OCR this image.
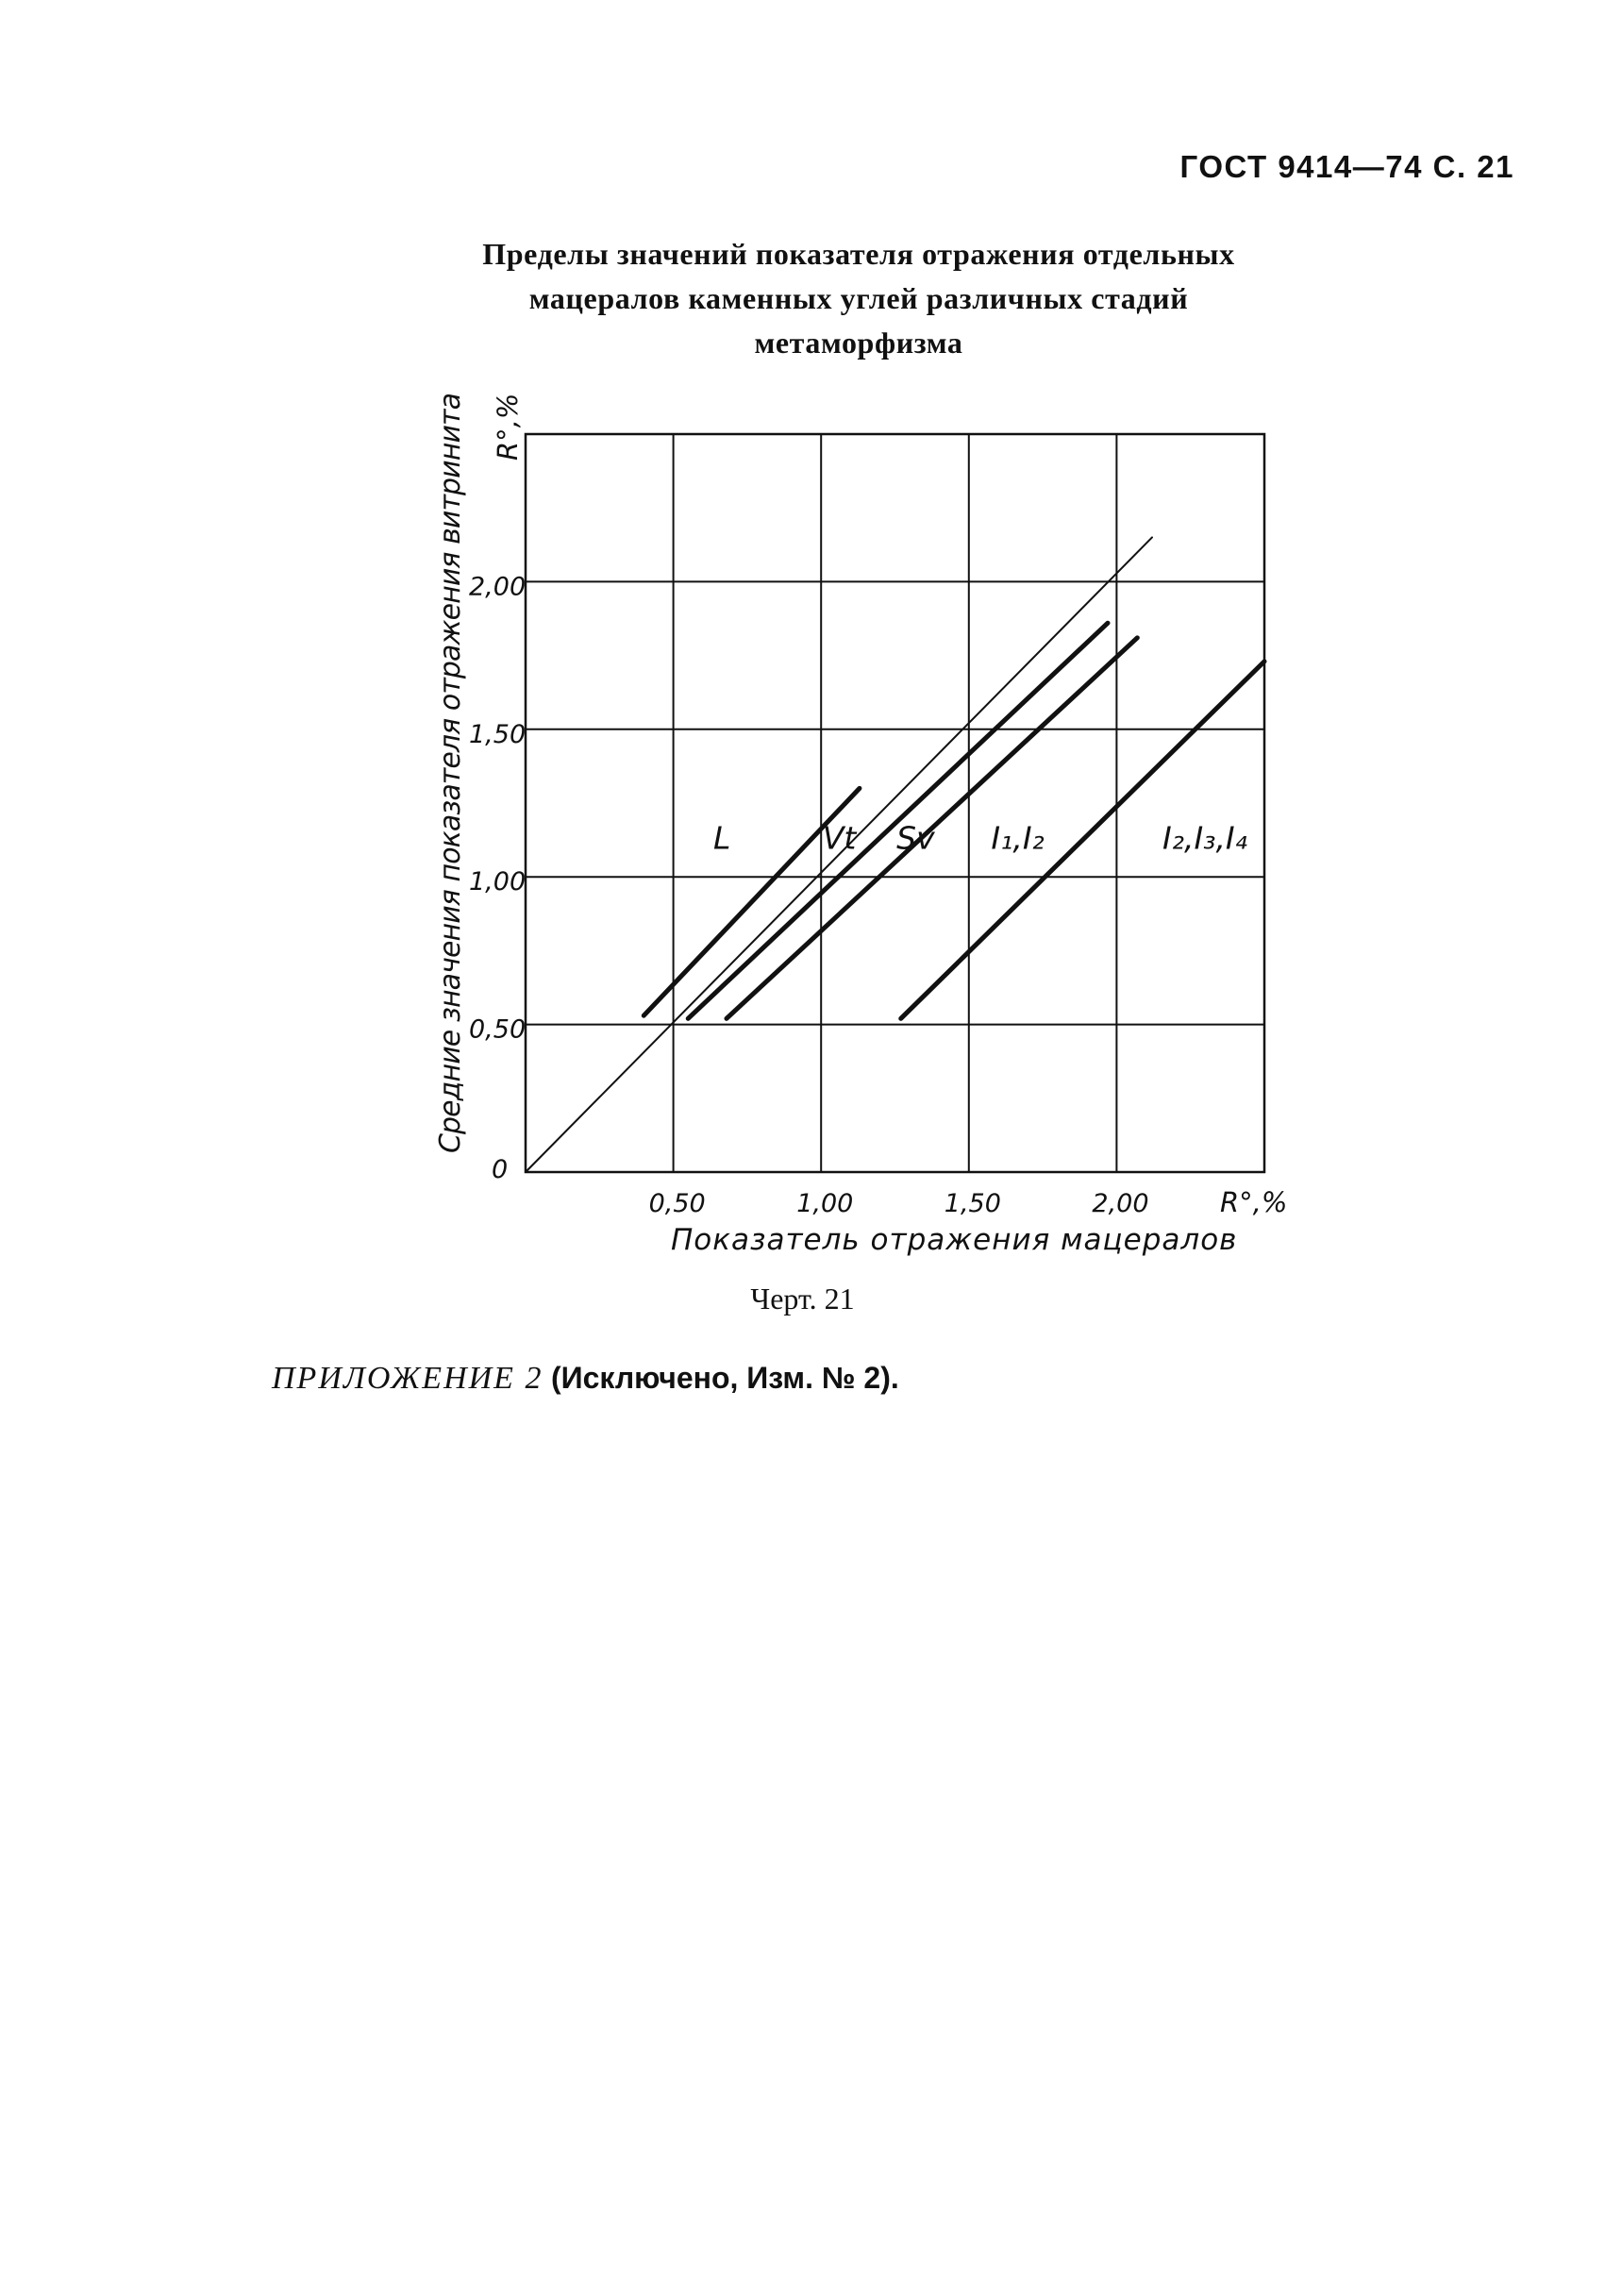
ГОСТ 9414—74 С. 21
Пределы значений показателя отражения отдельных
мацералов каменных углей различных стадий
метаморфизма
0,50	1,00	1,50	2,00
0,50
1,00
1,50
2,00
0
R°,%
R°,%
Показатель отражения мацералов
Средние значения показателя отражения витринита
L	Vt Sv I₁,I₂	I₂,I₃,I₄
Черт. 21
ПРИЛОЖЕНИЕ 2 (Исключено, Изм. № 2).
